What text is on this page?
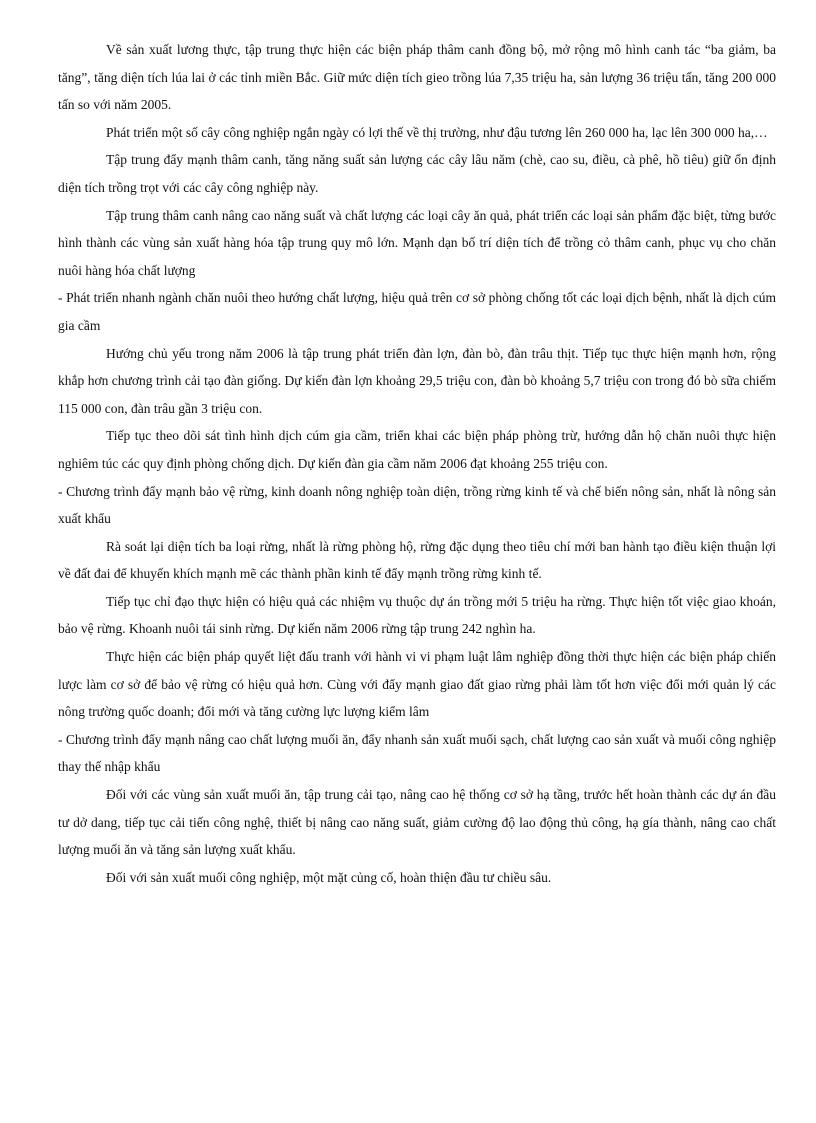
Về sản xuất lương thực, tập trung thực hiện các biện pháp thâm canh đồng bộ, mở rộng mô hình canh tác “ba giảm, ba tăng”, tăng diện tích lúa lai ở các tỉnh miền Bắc. Giữ mức diện tích gieo trồng lúa 7,35 triệu ha, sản lượng 36 triệu tấn, tăng 200 000 tấn so với năm 2005.

Phát triển một số cây công nghiệp ngắn ngày có lợi thế về thị trường, như đậu tương lên 260 000 ha, lạc lên 300 000 ha,…

Tập trung đẩy mạnh thâm canh, tăng năng suất sản lượng các cây lâu năm (chè, cao su, điều, cà phê, hồ tiêu) giữ ổn định diện tích trồng trọt với các cây công nghiệp này.

Tập trung thâm canh nâng cao năng suất và chất lượng các loại cây ăn quả, phát triển các loại sản phẩm đặc biệt, từng bước hình thành các vùng sản xuất hàng hóa tập trung quy mô lớn. Mạnh dạn bố trí diện tích để trồng cỏ thâm canh, phục vụ cho chăn nuôi hàng hóa chất lượng

- Phát triển nhanh ngành chăn nuôi theo hướng chất lượng, hiệu quả trên cơ sở phòng chống tốt các loại dịch bệnh, nhất là dịch cúm gia cầm

Hướng chủ yếu trong năm 2006 là tập trung phát triển đàn lợn, đàn bò, đàn trâu thịt. Tiếp tục thực hiện mạnh hơn, rộng khắp hơn chương trình cải tạo đàn giống. Dự kiến đàn lợn khoảng 29,5 triệu con, đàn bò khoảng 5,7 triệu con trong đó bò sữa chiếm 115 000 con, đàn trâu gần 3 triệu con.

Tiếp tục theo dõi sát tình hình dịch cúm gia cầm, triển khai các biện pháp phòng trừ, hướng dẫn hộ chăn nuôi thực hiện nghiêm túc các quy định phòng chống dịch. Dự kiến đàn gia cầm năm 2006 đạt khoảng 255 triệu con.

- Chương trình đẩy mạnh bảo vệ rừng, kinh doanh nông nghiệp toàn diện, trồng rừng kinh tế và chế biến nông sản, nhất là nông sản xuất khẩu

Rà soát lại diện tích ba loại rừng, nhất là rừng phòng hộ, rừng đặc dụng theo tiêu chí mới ban hành tạo điều kiện thuận lợi về đất đai để khuyến khích mạnh mẽ các thành phần kinh tế đẩy mạnh trồng rừng kinh tế.

Tiếp tục chỉ đạo thực hiện có hiệu quả các nhiệm vụ thuộc dự án trồng mới 5 triệu ha rừng. Thực hiện tốt việc giao khoán, bảo vệ rừng. Khoanh nuôi tái sinh rừng. Dự kiến năm 2006 rừng tập trung 242 nghìn ha.

Thực hiện các biện pháp quyết liệt đấu tranh với hành vi vi phạm luật lâm nghiệp đồng thời thực hiện các biện pháp chiến lược làm cơ sở để bảo vệ rừng có hiệu quả hơn. Cùng với đẩy mạnh giao đất giao rừng phải làm tốt hơn việc đổi mới quản lý các nông trường quốc doanh; đổi mới và tăng cường lực lượng kiểm lâm

- Chương trình đẩy mạnh nâng cao chất lượng muối ăn, đẩy nhanh sản xuất muối sạch, chất lượng cao sản xuất và muối công nghiệp thay thế nhập khẩu

Đối với các vùng sản xuất muối ăn, tập trung cải tạo, nâng cao hệ thống cơ sở hạ tầng, trước hết hoàn thành các dự án đầu tư dở dang, tiếp tục cải tiến công nghệ, thiết bị nâng cao năng suất, giảm cường độ lao động thủ công, hạ gía thành, nâng cao chất lượng muối ăn và tăng sản lượng xuất khẩu.

Đối với sản xuất muối công nghiệp, một mặt củng cố, hoàn thiện đầu tư chiều sâu.
